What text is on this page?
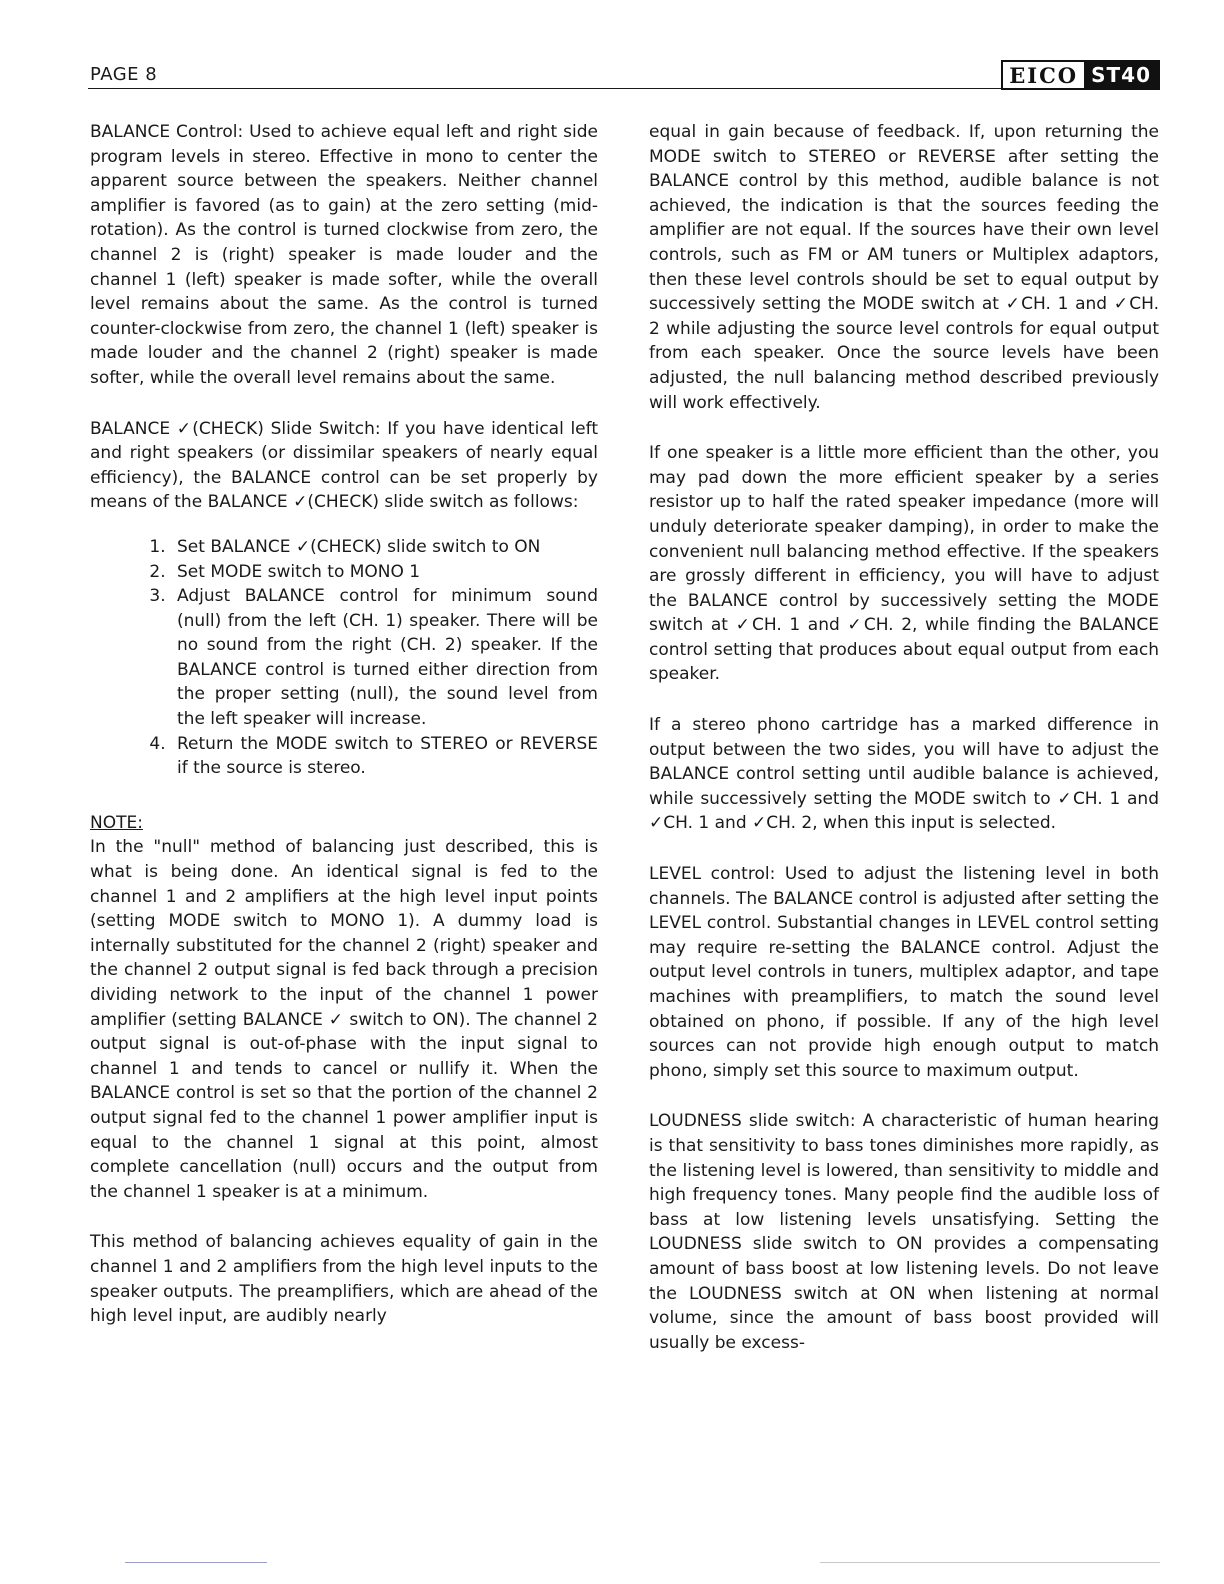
PAGE 8	EICO ST40

BALANCE Control: Used to achieve equal left and right side program levels in stereo. Effective in mono to center the apparent source between the speakers. Neither channel amplifier is favored (as to gain) at the zero setting (mid-rotation). As the control is turned clockwise from zero, the channel 2 is (right) speaker is made louder and the channel 1 (left) speaker is made softer, while the overall level remains about the same. As the control is turned counter-clockwise from zero, the channel 1 (left) speaker is made louder and the channel 2 (right) speaker is made softer, while the overall level remains about the same.

BALANCE ✓(CHECK) Slide Switch: If you have identical left and right speakers (or dissimilar speakers of nearly equal efficiency), the BALANCE control can be set properly by means of the BALANCE ✓(CHECK) slide switch as follows:

1. Set BALANCE ✓(CHECK) slide switch to ON
2. Set MODE switch to MONO 1
3. Adjust BALANCE control for minimum sound (null) from the left (CH. 1) speaker. There will be no sound from the right (CH. 2) speaker. If the BALANCE control is turned either direction from the proper setting (null), the sound level from the left speaker will increase.
4. Return the MODE switch to STEREO or REVERSE if the source is stereo.

NOTE:
In the "null" method of balancing just described, this is what is being done. An identical signal is fed to the channel 1 and 2 amplifiers at the high level input points (setting MODE switch to MONO 1). A dummy load is internally substituted for the channel 2 (right) speaker and the channel 2 output signal is fed back through a precision dividing network to the input of the channel 1 power amplifier (setting BALANCE ✓ switch to ON). The channel 2 output signal is out-of-phase with the input signal to channel 1 and tends to cancel or nullify it. When the BALANCE control is set so that the portion of the channel 2 output signal fed to the channel 1 power amplifier input is equal to the channel 1 signal at this point, almost complete cancellation (null) occurs and the output from the channel 1 speaker is at a minimum.

This method of balancing achieves equality of gain in the channel 1 and 2 amplifiers from the high level inputs to the speaker outputs. The preamplifiers, which are ahead of the high level input, are audibly nearly

equal in gain because of feedback. If, upon returning the MODE switch to STEREO or REVERSE after setting the BALANCE control by this method, audible balance is not achieved, the indication is that the sources feeding the amplifier are not equal. If the sources have their own level controls, such as FM or AM tuners or Multiplex adaptors, then these level controls should be set to equal output by successively setting the MODE switch at ✓CH. 1 and ✓CH. 2 while adjusting the source level controls for equal output from each speaker. Once the source levels have been adjusted, the null balancing method described previously will work effectively.

If one speaker is a little more efficient than the other, you may pad down the more efficient speaker by a series resistor up to half the rated speaker impedance (more will unduly deteriorate speaker damping), in order to make the convenient null balancing method effective. If the speakers are grossly different in efficiency, you will have to adjust the BALANCE control by successively setting the MODE switch at ✓CH. 1 and ✓CH. 2, while finding the BALANCE control setting that produces about equal output from each speaker.

If a stereo phono cartridge has a marked difference in output between the two sides, you will have to adjust the BALANCE control setting until audible balance is achieved, while successively setting the MODE switch to ✓CH. 1 and ✓CH. 1 and ✓CH. 2, when this input is selected.

LEVEL control: Used to adjust the listening level in both channels. The BALANCE control is adjusted after setting the LEVEL control. Substantial changes in LEVEL control setting may require re-setting the BALANCE control. Adjust the output level controls in tuners, multiplex adaptor, and tape machines with preamplifiers, to match the sound level obtained on phono, if possible. If any of the high level sources can not provide high enough output to match phono, simply set this source to maximum output.

LOUDNESS slide switch: A characteristic of human hearing is that sensitivity to bass tones diminishes more rapidly, as the listening level is lowered, than sensitivity to middle and high frequency tones. Many people find the audible loss of bass at low listening levels unsatisfying. Setting the LOUDNESS slide switch to ON provides a compensating amount of bass boost at low listening levels. Do not leave the LOUDNESS switch at ON when listening at normal volume, since the amount of bass boost provided will usually be excess-
